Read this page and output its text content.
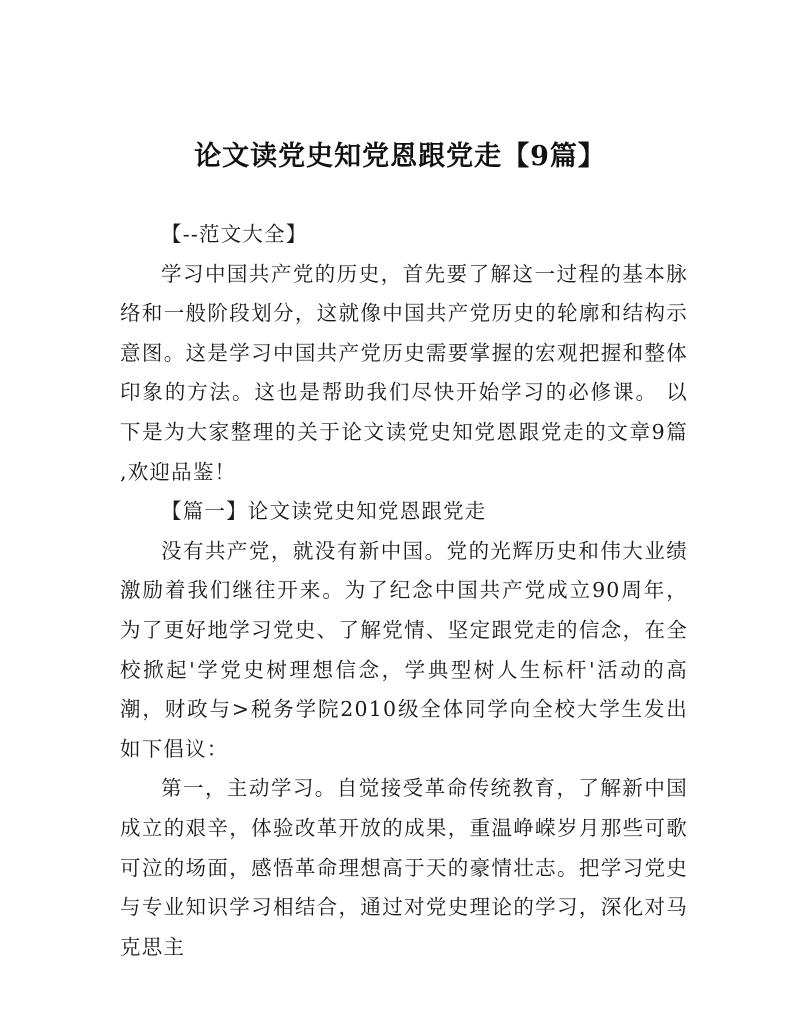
论文读党史知党恩跟党走【9篇】

【--范文大全】

学习中国共产党的历史，首先要了解这一过程的基本脉络和一般阶段划分，这就像中国共产党历史的轮廓和结构示意图。这是学习中国共产党历史需要掌握的宏观把握和整体印象的方法。这也是帮助我们尽快开始学习的必修课。 以下是为大家整理的关于论文读党史知党恩跟党走的文章9篇 ,欢迎品鉴！

【篇一】论文读党史知党恩跟党走

没有共产党，就没有新中国。党的光辉历史和伟大业绩激励着我们继往开来。为了纪念中国共产党成立90周年，为了更好地学习党史、了解党情、坚定跟党走的信念，在全校掀起'学党史树理想信念，学典型树人生标杆'活动的高潮，财政与>税务学院2010级全体同学向全校大学生发出如下倡议：

第一，主动学习。自觉接受革命传统教育，了解新中国成立的艰辛，体验改革开放的成果，重温峥嵘岁月那些可歌可泣的场面，感悟革命理想高于天的豪情壮志。把学习党史与专业知识学习相结合，通过对党史理论的学习，深化对马克思主
